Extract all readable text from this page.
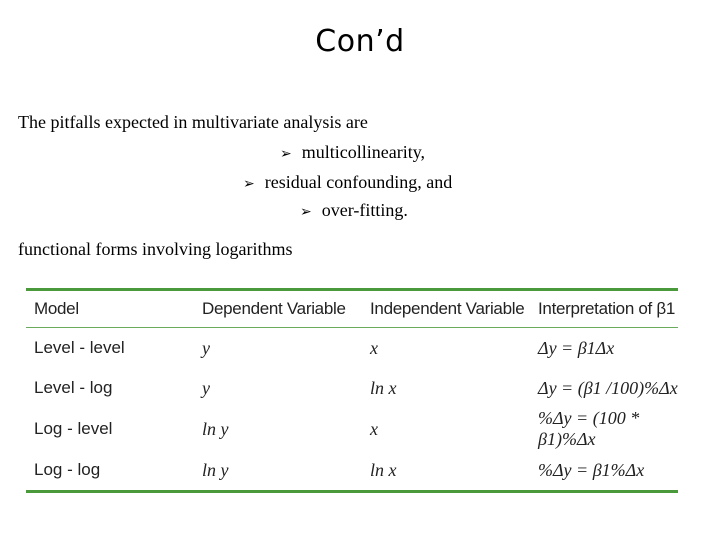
Con’d
The pitfalls expected in multivariate analysis are
➢ multicollinearity,
➢ residual confounding, and
➢ over-fitting.
functional forms involving logarithms
Model	Dependent Variable	Independent Variable	Interpretation of β1

Level - level	y	x	Δy = β1Δx
Level - log	y	ln x	Δy = (β1 /100)%Δx
Log - level	ln y	x	%Δy = (100 * β1)%Δx
Log - log	ln y	ln x	%Δy = β1%Δx
